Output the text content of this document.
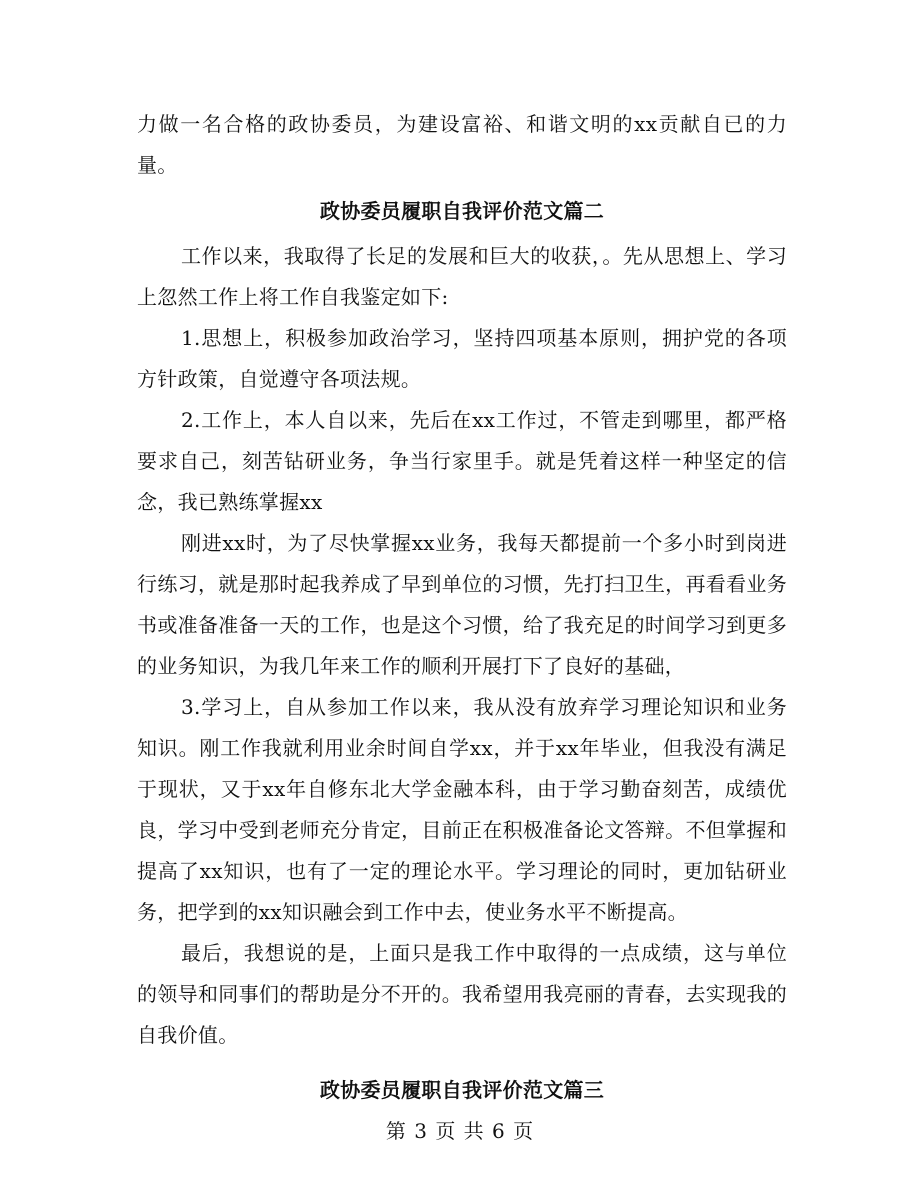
力做一名合格的政协委员，为建设富裕、和谐文明的xx贡献自已的力量。

政协委员履职自我评价范文篇二

工作以来，我取得了长足的发展和巨大的收获，。先从思想上、学习上忽然工作上将工作自我鉴定如下:

1.思想上，积极参加政治学习，坚持四项基本原则，拥护党的各项方针政策，自觉遵守各项法规。

2.工作上，本人自以来，先后在xx工作过，不管走到哪里，都严格要求自己，刻苦钻研业务，争当行家里手。就是凭着这样一种坚定的信念，我已熟练掌握xx

刚进xx时，为了尽快掌握xx业务，我每天都提前一个多小时到岗进行练习，就是那时起我养成了早到单位的习惯，先打扫卫生，再看看业务书或准备准备一天的工作，也是这个习惯，给了我充足的时间学习到更多的业务知识，为我几年来工作的顺利开展打下了良好的基础，

3.学习上，自从参加工作以来，我从没有放弃学习理论知识和业务知识。刚工作我就利用业余时间自学xx，并于xx年毕业，但我没有满足于现状，又于xx年自修东北大学金融本科，由于学习勤奋刻苦，成绩优良，学习中受到老师充分肯定，目前正在积极准备论文答辩。不但掌握和提高了xx知识，也有了一定的理论水平。学习理论的同时，更加钻研业务，把学到的xx知识融会到工作中去，使业务水平不断提高。

最后，我想说的是，上面只是我工作中取得的一点成绩，这与单位的领导和同事们的帮助是分不开的。我希望用我亮丽的青春，去实现我的自我价值。

政协委员履职自我评价范文篇三
第 3 页 共 6 页
